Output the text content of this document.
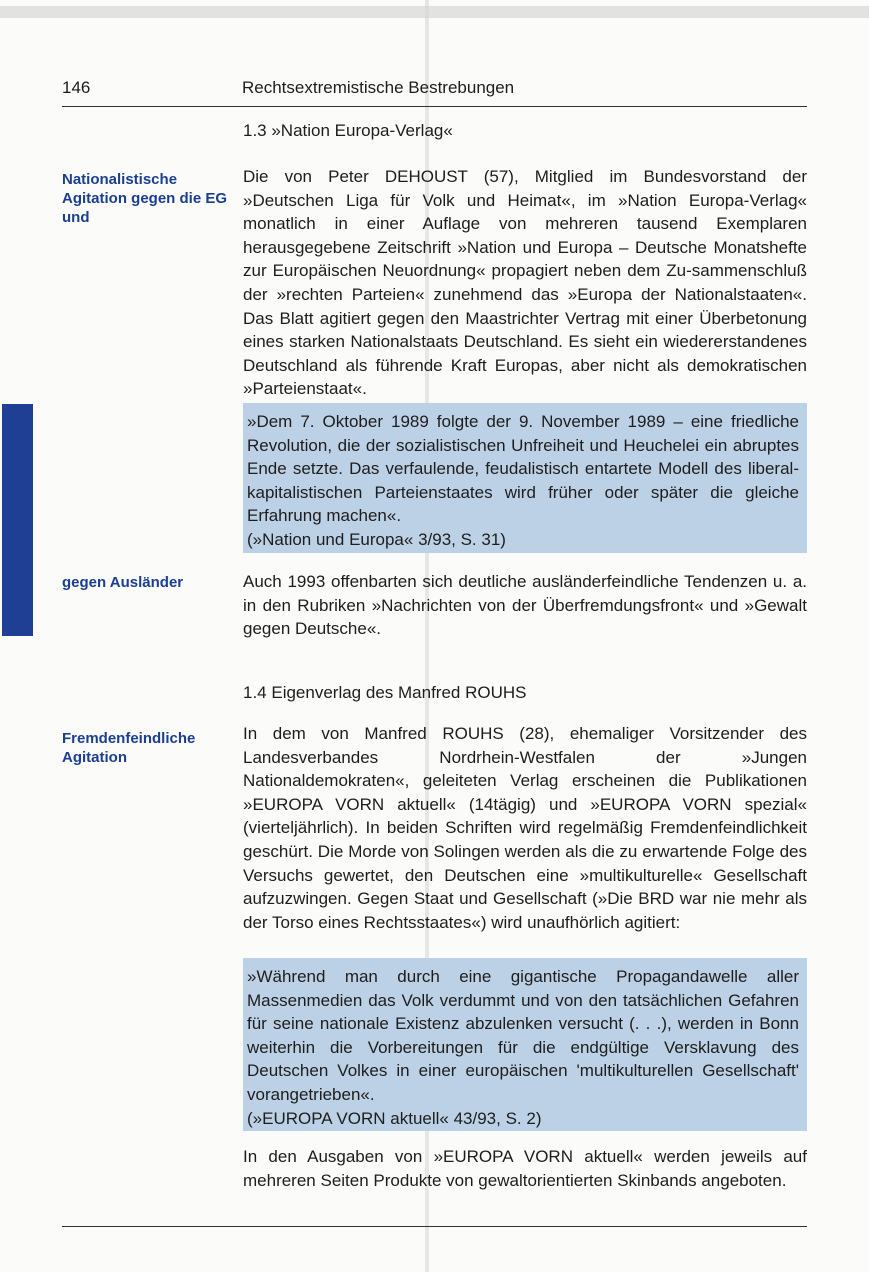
146	Rechtsextremistische Bestrebungen
1.3 »Nation Europa-Verlag«
Nationalistische Agitation gegen die EG und

Die von Peter DEHOUST (57), Mitglied im Bundesvorstand der »Deutschen Liga für Volk und Heimat«, im »Nation Europa-Verlag« monatlich in einer Auflage von mehreren tausend Exemplaren herausgegebene Zeitschrift »Nation und Europa – Deutsche Monatshefte zur Europäischen Neuordnung« propagiert neben dem Zu-sammenschluß der »rechten Parteien« zunehmend das »Europa der Nationalstaaten«. Das Blatt agitiert gegen den Maastrichter Vertrag mit einer Überbetonung eines starken Nationalstaats Deutschland. Es sieht ein wiedererstandenes Deutschland als führende Kraft Europas, aber nicht als demokratischen »Parteienstaat«.

»Dem 7. Oktober 1989 folgte der 9. November 1989 – eine friedliche Revolution, die der sozialistischen Unfreiheit und Heuchelei ein abruptes Ende setzte. Das verfaulende, feudalistisch entartete Modell des liberal-kapitalistischen Parteienstaates wird früher oder später die gleiche Erfahrung machen«.

(»Nation und Europa« 3/93, S. 31)

gegen Ausländer	Auch 1993 offenbarten sich deutliche ausländerfeindliche Tendenzen u. a. in den Rubriken »Nachrichten von der Überfremdungsfront« und »Gewalt gegen Deutsche«.

1.4 Eigenverlag des Manfred ROUHS
Fremdenfeindliche Agitation

In dem von Manfred ROUHS (28), ehemaliger Vorsitzender des Landesverbandes Nordrhein-Westfalen der »Jungen Nationaldemokraten«, geleiteten Verlag erscheinen die Publikationen »EUROPA VORN aktuell« (14tägig) und »EUROPA VORN spezial« (vierteljährlich). In beiden Schriften wird regelmäßig Fremdenfeindlichkeit geschürt. Die Morde von Solingen werden als die zu erwartende Folge des Versuchs gewertet, den Deutschen eine »multikulturelle« Gesellschaft aufzuzwingen. Gegen Staat und Gesellschaft (»Die BRD war nie mehr als der Torso eines Rechtsstaates«) wird unaufhörlich agitiert:

»Während man durch eine gigantische Propagandawelle aller Massenmedien das Volk verdummt und von den tatsächlichen Gefahren für seine nationale Existenz abzulenken versucht (. . .), werden in Bonn weiterhin die Vorbereitungen für die endgültige Versklavung des Deutschen Volkes in einer europäischen 'multikulturellen Gesellschaft' vorangetrieben«.

(»EUROPA VORN aktuell« 43/93, S. 2)

In den Ausgaben von »EUROPA VORN aktuell« werden jeweils auf mehreren Seiten Produkte von gewaltorientierten Skinbands angeboten.
